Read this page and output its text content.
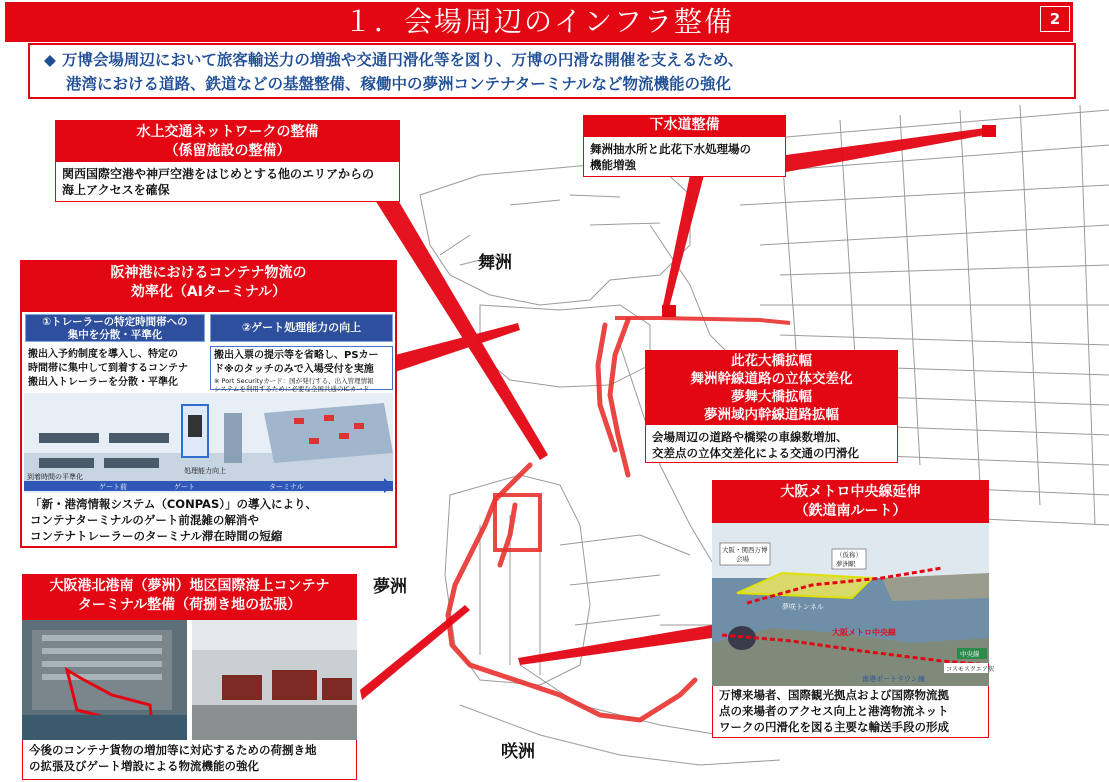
１．会場周辺のインフラ整備	2
◆ 万博会場周辺において旅客輸送力の増強や交通円滑化等を図り、万博の円滑な開催を支えるため、
港湾における道路、鉄道などの基盤整備、稼働中の夢洲コンテナターミナルなど物流機能の強化
舞洲
夢洲
咲洲
水上交通ネットワークの整備
（係留施設の整備）
関西国際空港や神戸空港をはじめとする他のエリアからの
海上アクセスを確保
下水道整備
舞洲抽水所と此花下水処理場の
機能増強
阪神港におけるコンテナ物流の
効率化（AIターミナル）
①トレーラーの特定時間帯への
集中を分散・平準化
②ゲート処理能力の向上
搬出入予約制度を導入し、特定の
時間帯に集中して到着するコンテナ
搬出入トレーラーを分散・平準化
搬出入票の提示等を省略し、PSカー
ド※のタッチのみで入場受付を実施
※ Port Securityカード：国が発行する、出入管理情報
システムを利用するために必要な全国共通のICカード
到着時間の平準化
ゲート前	ゲート	ターミナル
処理能力向上
「新・港湾情報システム（CONPAS）」の導入により、
コンテナターミナルのゲート前混雑の解消や
コンテナトレーラーのターミナル滞在時間の短縮
此花大橋拡幅
舞洲幹線道路の立体交差化
夢舞大橋拡幅
夢洲域内幹線道路拡幅
会場周辺の道路や橋梁の車線数増加、
交差点の立体交差化による交通の円滑化
大阪メトロ中央線延伸
（鉄道南ルート）
大阪・関西万博
会場	（仮称）
夢洲駅
夢咲トンネル
大阪メトロ中央線
中央線
南港ポートタウン線
コスモスクエア駅
万博来場者、国際観光拠点および国際物流拠
点の来場者のアクセス向上と港湾物流ネット
ワークの円滑化を図る主要な輸送手段の形成
大阪港北港南（夢洲）地区国際海上コンテナ
ターミナル整備（荷捌き地の拡張）
今後のコンテナ貨物の増加等に対応するための荷捌き地
の拡張及びゲート増設による物流機能の強化
